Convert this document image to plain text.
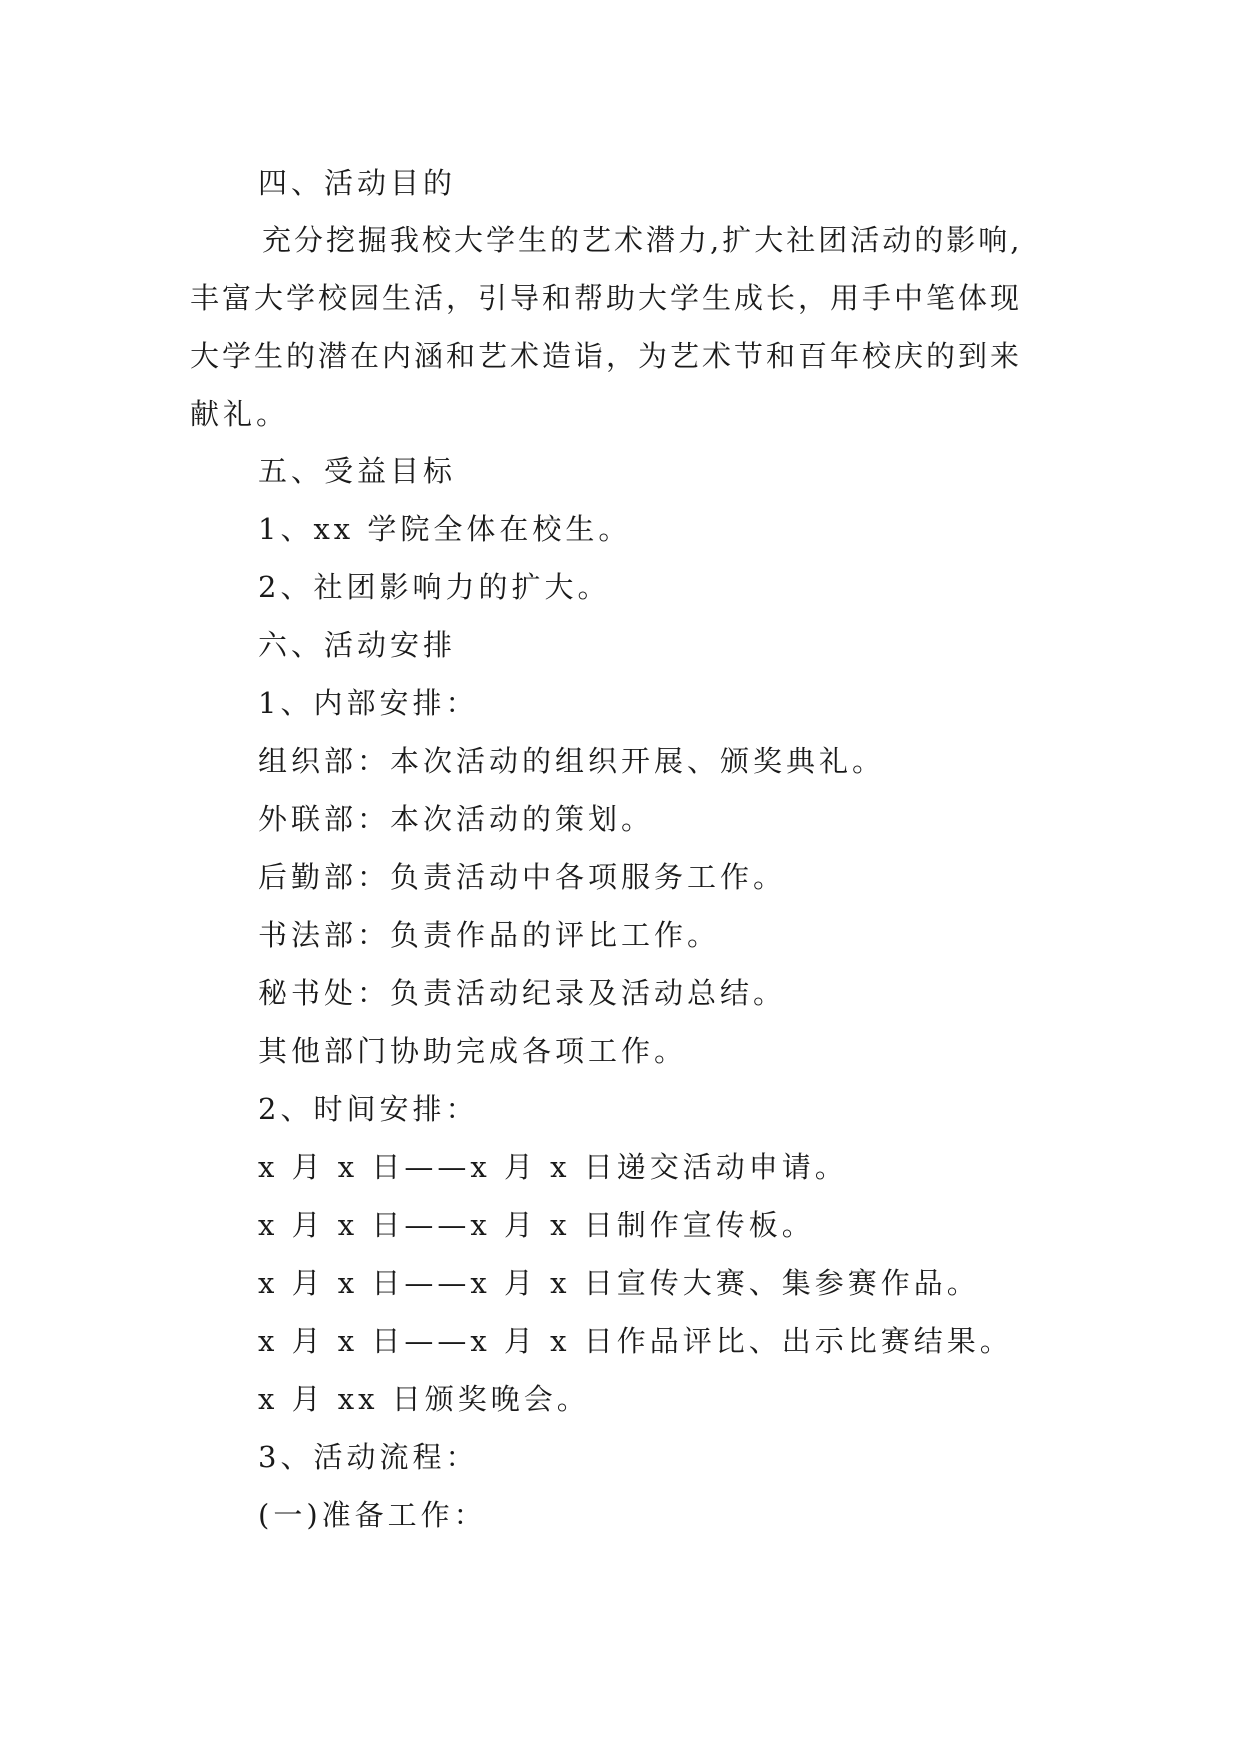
四、活动目的
充分挖掘我校大学生的艺术潜力,扩大社团活动的影响,
丰富大学校园生活，引导和帮助大学生成长，用手中笔体现
大学生的潜在内涵和艺术造诣，为艺术节和百年校庆的到来
献礼。
五、受益目标
1、xx 学院全体在校生。
2、社团影响力的扩大。
六、活动安排
1、内部安排：
组织部：本次活动的组织开展、颁奖典礼。
外联部：本次活动的策划。
后勤部：负责活动中各项服务工作。
书法部：负责作品的评比工作。
秘书处：负责活动纪录及活动总结。
其他部门协助完成各项工作。
2、时间安排：
x 月 x 日——x 月 x 日递交活动申请。
x 月 x 日——x 月 x 日制作宣传板。
x 月 x 日——x 月 x 日宣传大赛、集参赛作品。
x 月 x 日——x 月 x 日作品评比、出示比赛结果。
x 月 xx 日颁奖晚会。
3、活动流程：
(一)准备工作：
